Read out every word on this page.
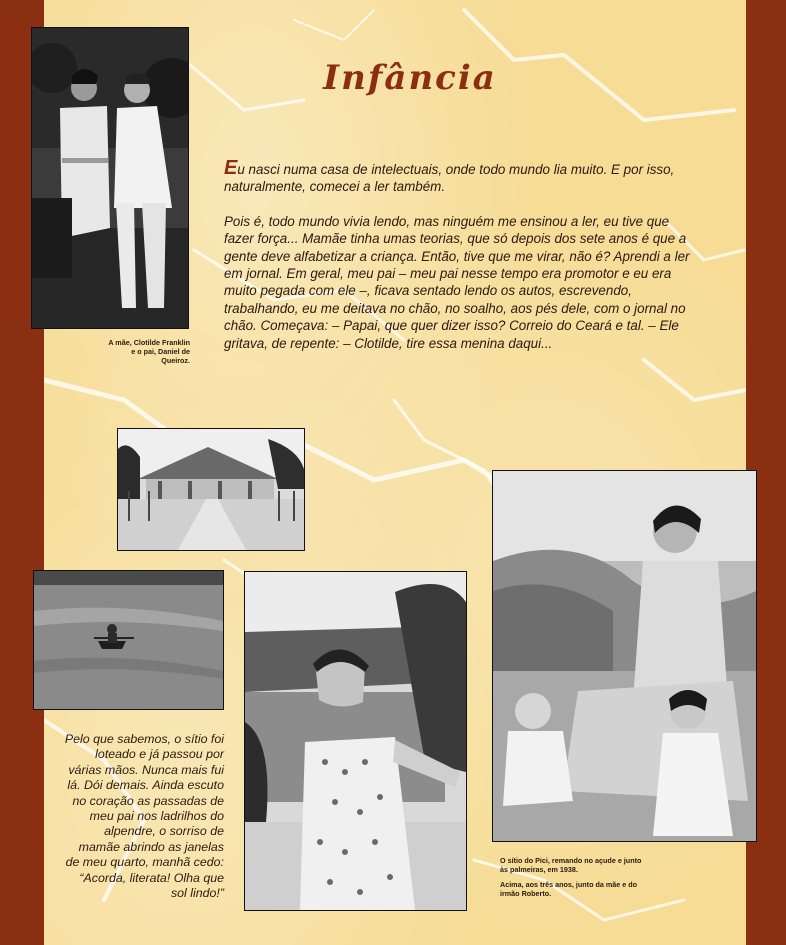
A mãe, Clotilde Franklin e o pai, Daniel de Queiroz.
Infância

Eu nasci numa casa de intelectuais, onde todo mundo lia muito. E por isso, naturalmente, comecei a ler também.

Pois é, todo mundo vivia lendo, mas ninguém me ensinou a ler, eu tive que fazer força... Mamãe tinha umas teorias, que só depois dos sete anos é que a gente deve alfabetizar a criança. Então, tive que me virar, não é? Aprendi a ler em jornal. Em geral, meu pai – meu pai nesse tempo era promotor e eu era muito pegada com ele –, ficava sentado lendo os autos, escrevendo, trabalhando, eu me deitava no chão, no soalho, aos pés dele, com o jornal no chão. Começava: – Papai, que quer dizer isso? Correio do Ceará e tal. – Ele gritava, de repente: – Clotilde, tire essa menina daqui...

Pelo que sabemos, o sítio foi loteado e já passou por várias mãos. Nunca mais fui lá. Dói demais. Ainda escuto no coração as passadas de meu pai nos ladrilhos do alpendre, o sorriso de mamãe abrindo as janelas de meu quarto, manhã cedo: “Acorda, literata! Olha que sol lindo!”
O sítio do Pici, remando no açude e junto às palmeiras, em 1938.
Acima, aos três anos, junto da mãe e do irmão Roberto.
